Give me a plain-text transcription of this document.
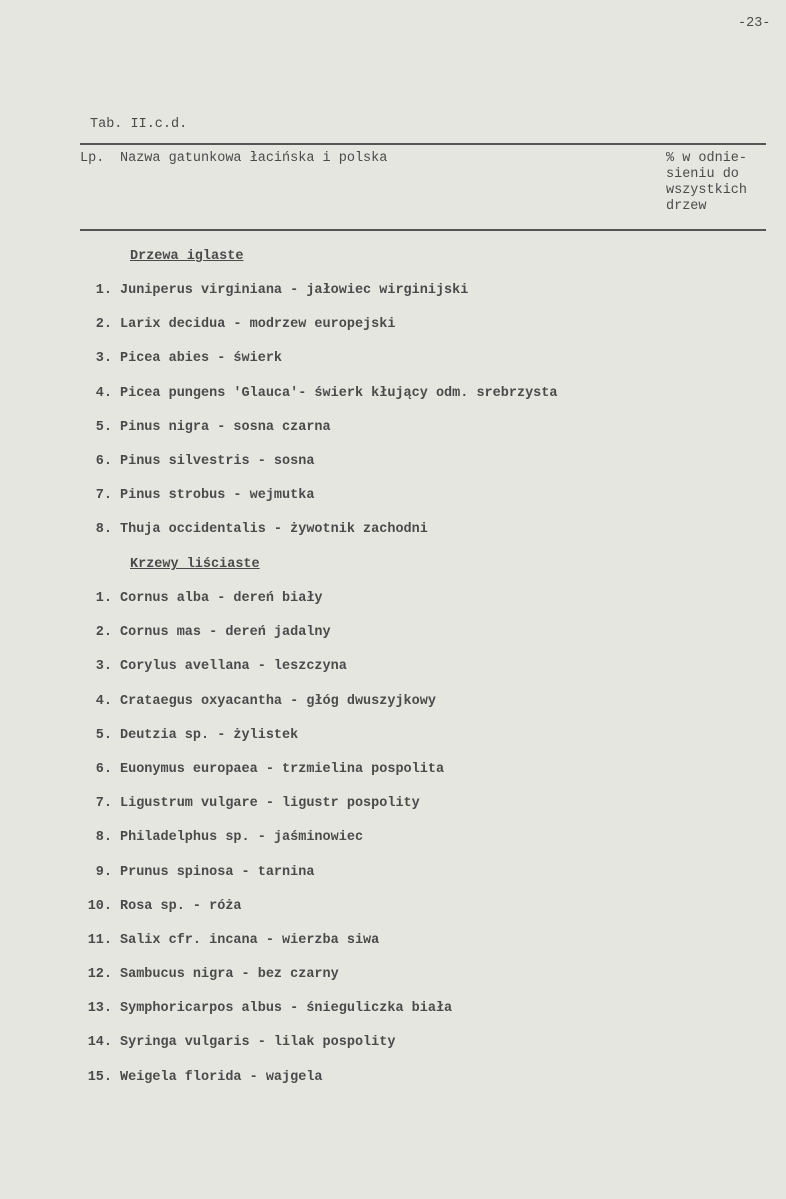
-23-
Tab. II.c.d.
Lp. Nazwa gatunkowa łacińska i polska	% w odnie-
sieniu do
wszystkich
drzew
Drzewa iglaste
1. Juniperus virginiana - jałowiec wirginijski
2. Larix decidua - modrzew europejski
3. Picea abies - świerk
4. Picea pungens 'Glauca'- świerk kłujący odm. srebrzysta
5. Pinus nigra - sosna czarna
6. Pinus silvestris - sosna
7. Pinus strobus - wejmutka
8. Thuja occidentalis - żywotnik zachodni
Krzewy liściaste
1. Cornus alba - dereń biały
2. Cornus mas - dereń jadalny
3. Corylus avellana - leszczyna
4. Crataegus oxyacantha - głóg dwuszyjkowy
5. Deutzia sp. - żylistek
6. Euonymus europaea - trzmielina pospolita
7. Ligustrum vulgare - ligustr pospolity
8. Philadelphus sp. - jaśminowiec
9. Prunus spinosa - tarnina
10. Rosa sp. - róża
11. Salix cfr. incana - wierzba siwa
12. Sambucus nigra - bez czarny
13. Symphoricarpos albus - śnieguliczka biała
14. Syringa vulgaris - lilak pospolity
15. Weigela florida - wajgela
